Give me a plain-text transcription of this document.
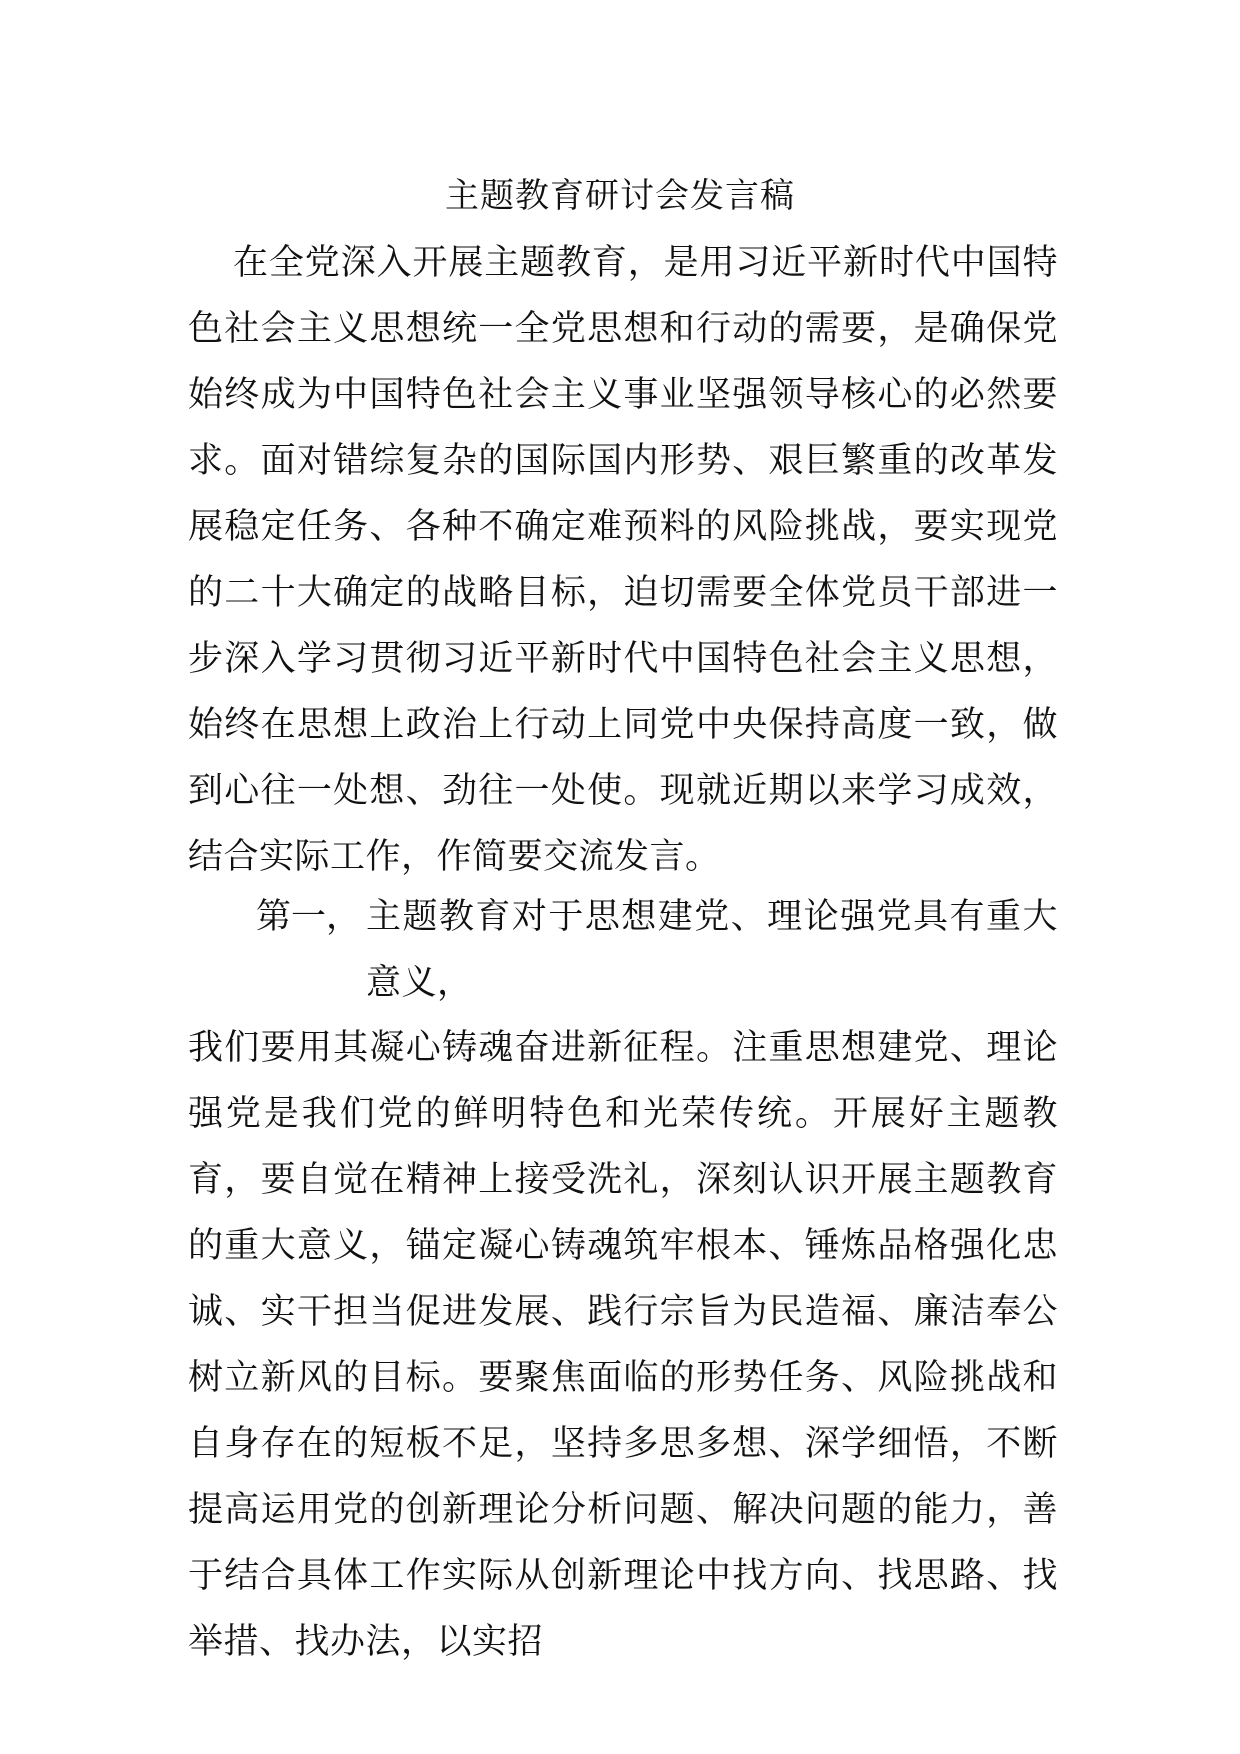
主题教育研讨会发言稿

在全党深入开展主题教育，是用习近平新时代中国特色社会主义思想统一全党思想和行动的需要，是确保党始终成为中国特色社会主义事业坚强领导核心的必然要求。面对错综复杂的国际国内形势、艰巨繁重的改革发展稳定任务、各种不确定难预料的风险挑战，要实现党的二十大确定的战略目标，迫切需要全体党员干部进一步深入学习贯彻习近平新时代中国特色社会主义思想，始终在思想上政治上行动上同党中央保持高度一致，做到心往一处想、劲往一处使。现就近期以来学习成效，结合实际工作，作简要交流发言。

第一， 主题教育对于思想建党、理论强党具有重大意义，

我们要用其凝心铸魂奋进新征程。注重思想建党、理论强党是我们党的鲜明特色和光荣传统。开展好主题教育，要自觉在精神上接受洗礼，深刻认识开展主题教育的重大意义，锚定凝心铸魂筑牢根本、锤炼品格强化忠诚、实干担当促进发展、践行宗旨为民造福、廉洁奉公树立新风的目标。要聚焦面临的形势任务、风险挑战和自身存在的短板不足，坚持多思多想、深学细悟，不断提高运用党的创新理论分析问题、解决问题的能力，善于结合具体工作实际从创新理论中找方向、找思路、找举措、找办法，以实招
